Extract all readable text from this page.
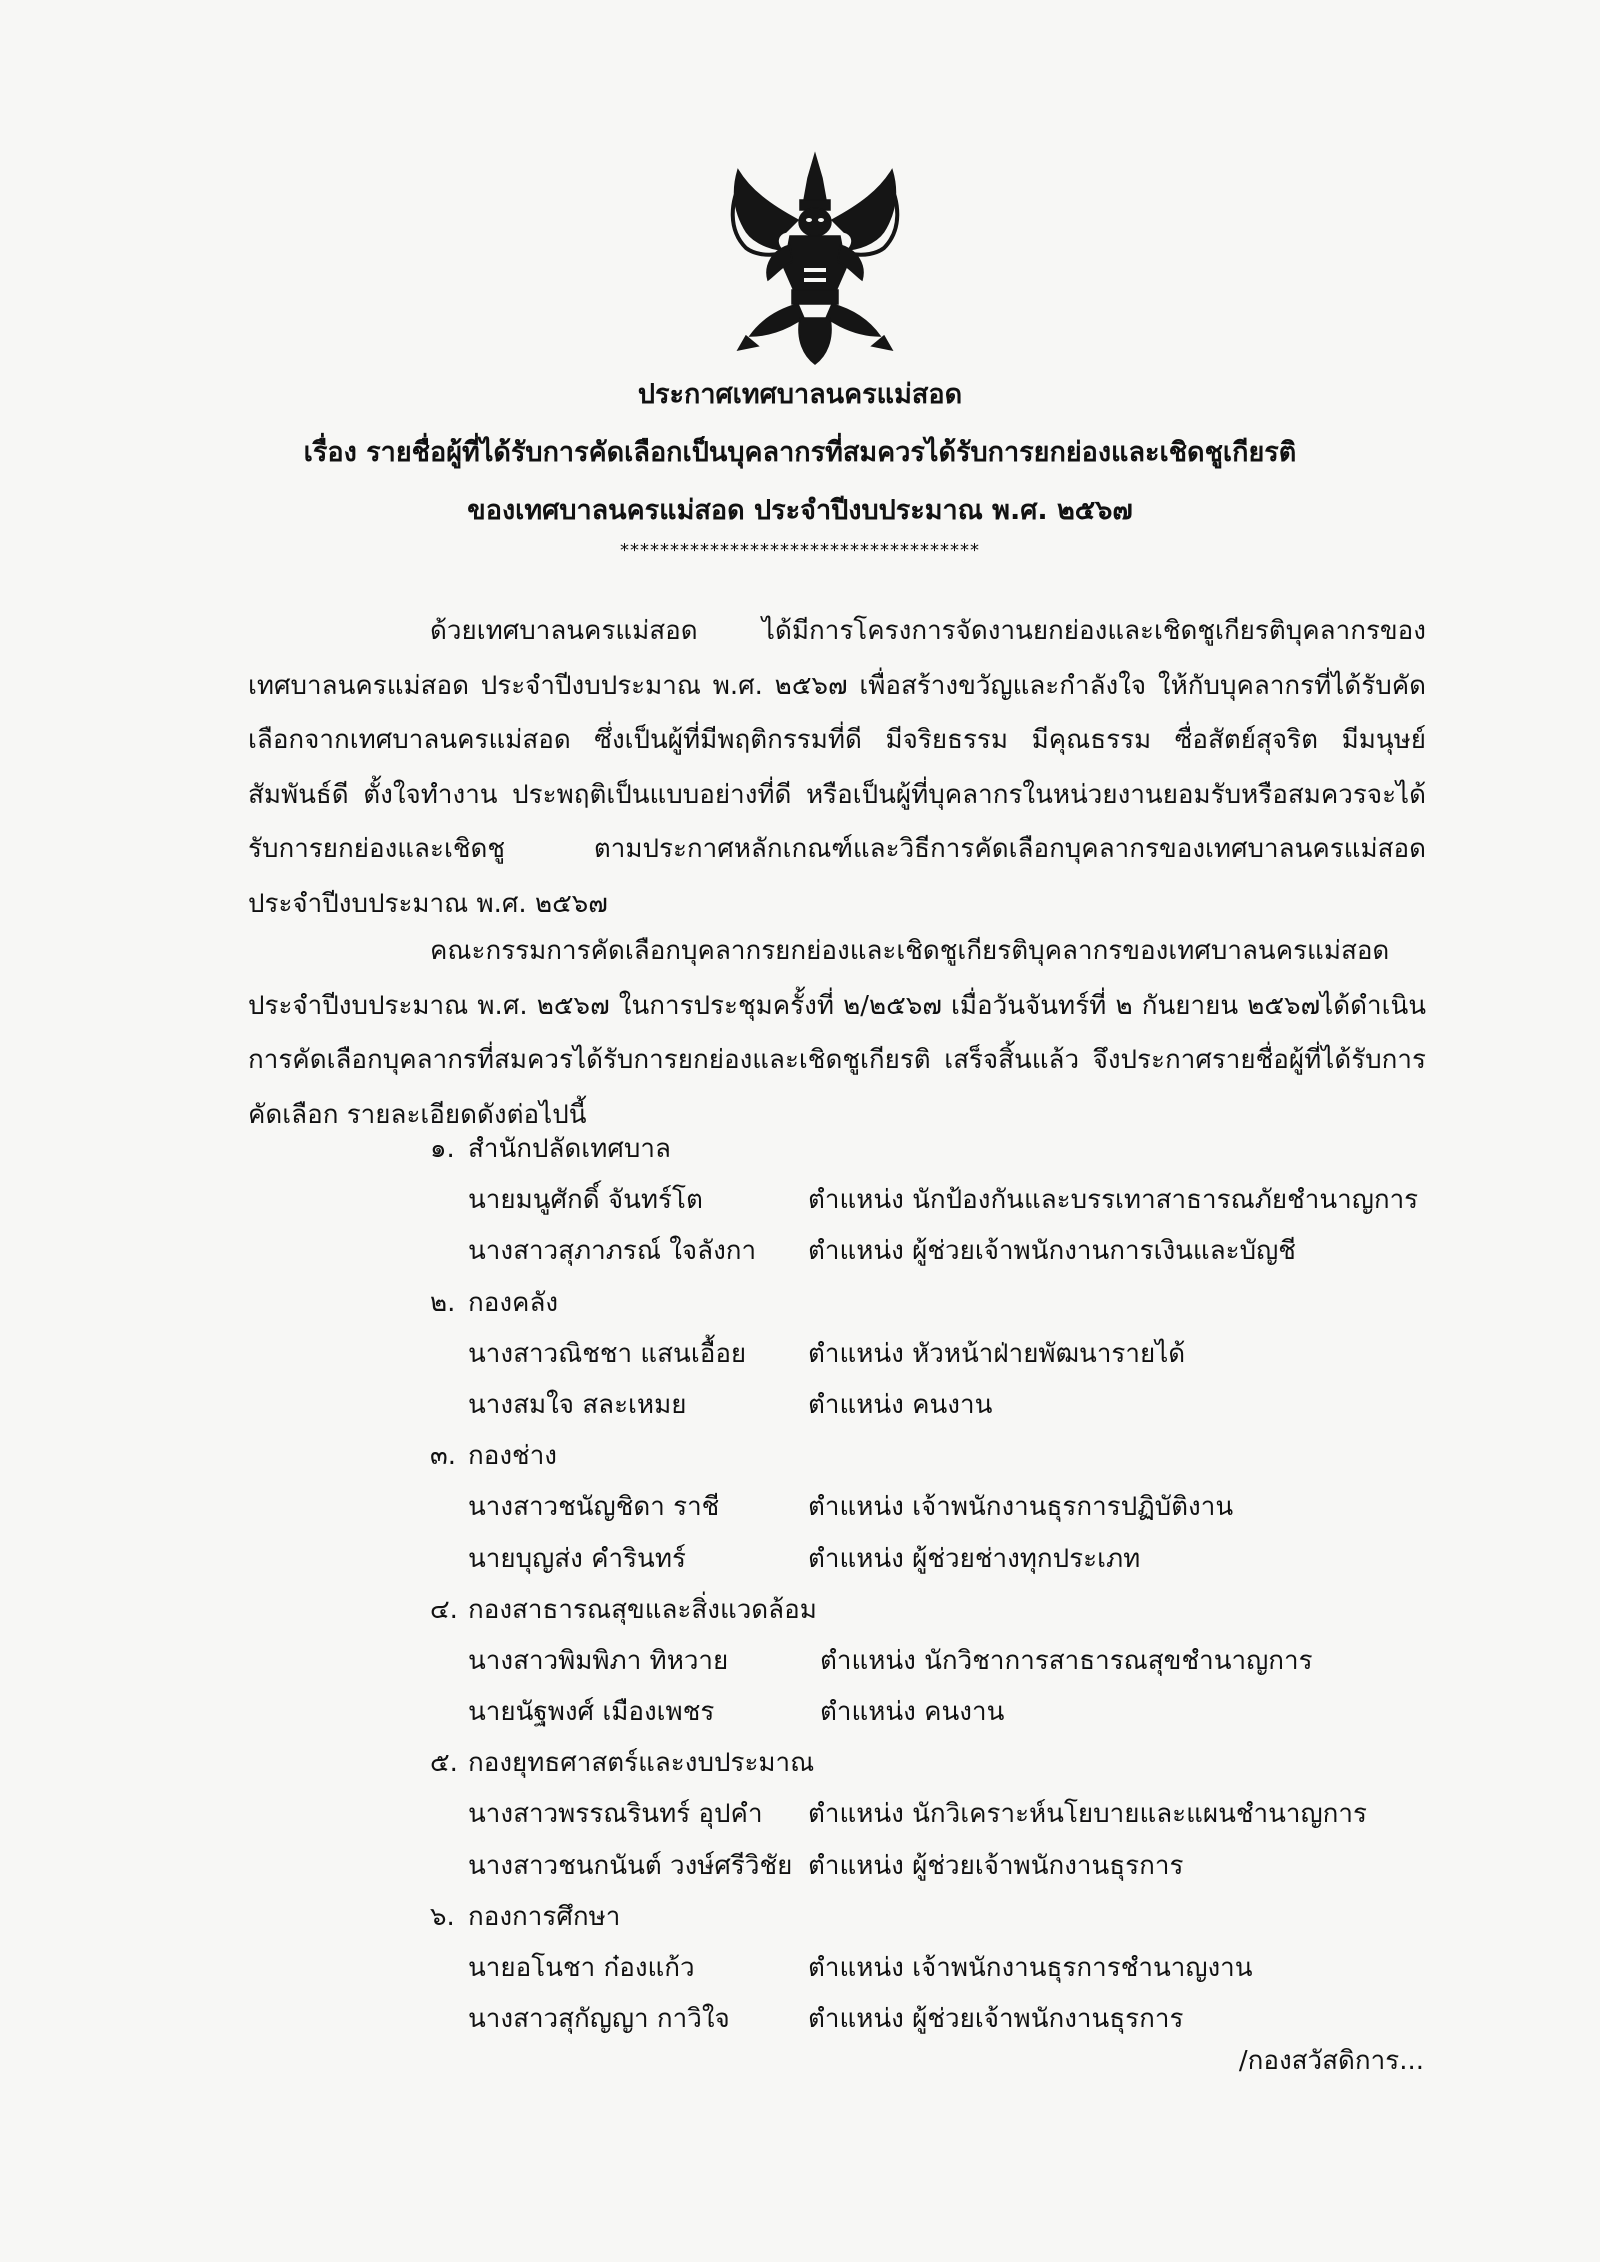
ประกาศเทศบาลนครแม่สอด
เรื่อง รายชื่อผู้ที่ได้รับการคัดเลือกเป็นบุคลากรที่สมควรได้รับการยกย่องและเชิดชูเกียรติ
ของเทศบาลนครแม่สอด ประจำปีงบประมาณ พ.ศ. ๒๕๖๗
************************************
ด้วยเทศบาลนครแม่สอด ได้มีการโครงการจัดงานยกย่องและเชิดชูเกียรติบุคลากรของเทศบาลนครแม่สอด ประจำปีงบประมาณ พ.ศ. ๒๕๖๗ เพื่อสร้างขวัญและกำลังใจ ให้กับบุคลากรที่ได้รับคัดเลือกจากเทศบาลนครแม่สอด ซึ่งเป็นผู้ที่มีพฤติกรรมที่ดี มีจริยธรรม มีคุณธรรม ซื่อสัตย์สุจริต มีมนุษย์สัมพันธ์ดี ตั้งใจทำงาน ประพฤติเป็นแบบอย่างที่ดี หรือเป็นผู้ที่บุคลากรในหน่วยงานยอมรับหรือสมควรจะได้รับการยกย่องและเชิดชู ตามประกาศหลักเกณฑ์และวิธีการคัดเลือกบุคลากรของเทศบาลนครแม่สอด ประจำปีงบประมาณ พ.ศ. ๒๕๖๗
คณะกรรมการคัดเลือกบุคลากรยกย่องและเชิดชูเกียรติบุคลากรของเทศบาลนครแม่สอดประจำปีงบประมาณ พ.ศ. ๒๕๖๗ ในการประชุมครั้งที่ ๒/๒๕๖๗ เมื่อวันจันทร์ที่ ๒ กันยายน ๒๕๖๗ได้ดำเนินการคัดเลือกบุคลากรที่สมควรได้รับการยกย่องและเชิดชูเกียรติ เสร็จสิ้นแล้ว จึงประกาศรายชื่อผู้ที่ได้รับการคัดเลือก รายละเอียดดังต่อไปนี้
๑. สำนักปลัดเทศบาล
นายมนูศักดิ์ จันทร์โต	ตำแหน่ง นักป้องกันและบรรเทาสาธารณภัยชำนาญการ
นางสาวสุภาภรณ์ ใจลังกา ตำแหน่ง ผู้ช่วยเจ้าพนักงานการเงินและบัญชี
๒. กองคลัง
นางสาวณิชชา แสนเอื้อย ตำแหน่ง หัวหน้าฝ่ายพัฒนารายได้
นางสมใจ สละเหมย	ตำแหน่ง คนงาน
๓. กองช่าง
นางสาวชนัญชิดา ราชี	ตำแหน่ง เจ้าพนักงานธุรการปฏิบัติงาน
นายบุญส่ง คำรินทร์	ตำแหน่ง ผู้ช่วยช่างทุกประเภท
๔. กองสาธารณสุขและสิ่งแวดล้อม
นางสาวพิมพิภา ทิหวาย	ตำแหน่ง นักวิชาการสาธารณสุขชำนาญการ
นายนัฐพงศ์ เมืองเพชร	ตำแหน่ง คนงาน
๕. กองยุทธศาสตร์และงบประมาณ
นางสาวพรรณรินทร์ อุปคำ ตำแหน่ง นักวิเคราะห์นโยบายและแผนชำนาญการ
นางสาวชนกนันต์ วงษ์ศรีวิชัย ตำแหน่ง ผู้ช่วยเจ้าพนักงานธุรการ
๖. กองการศึกษา
นายอโนชา ก๋องแก้ว	ตำแหน่ง เจ้าพนักงานธุรการชำนาญงาน
นางสาวสุกัญญา กาวิใจ	ตำแหน่ง ผู้ช่วยเจ้าพนักงานธุรการ
/กองสวัสดิการ...
